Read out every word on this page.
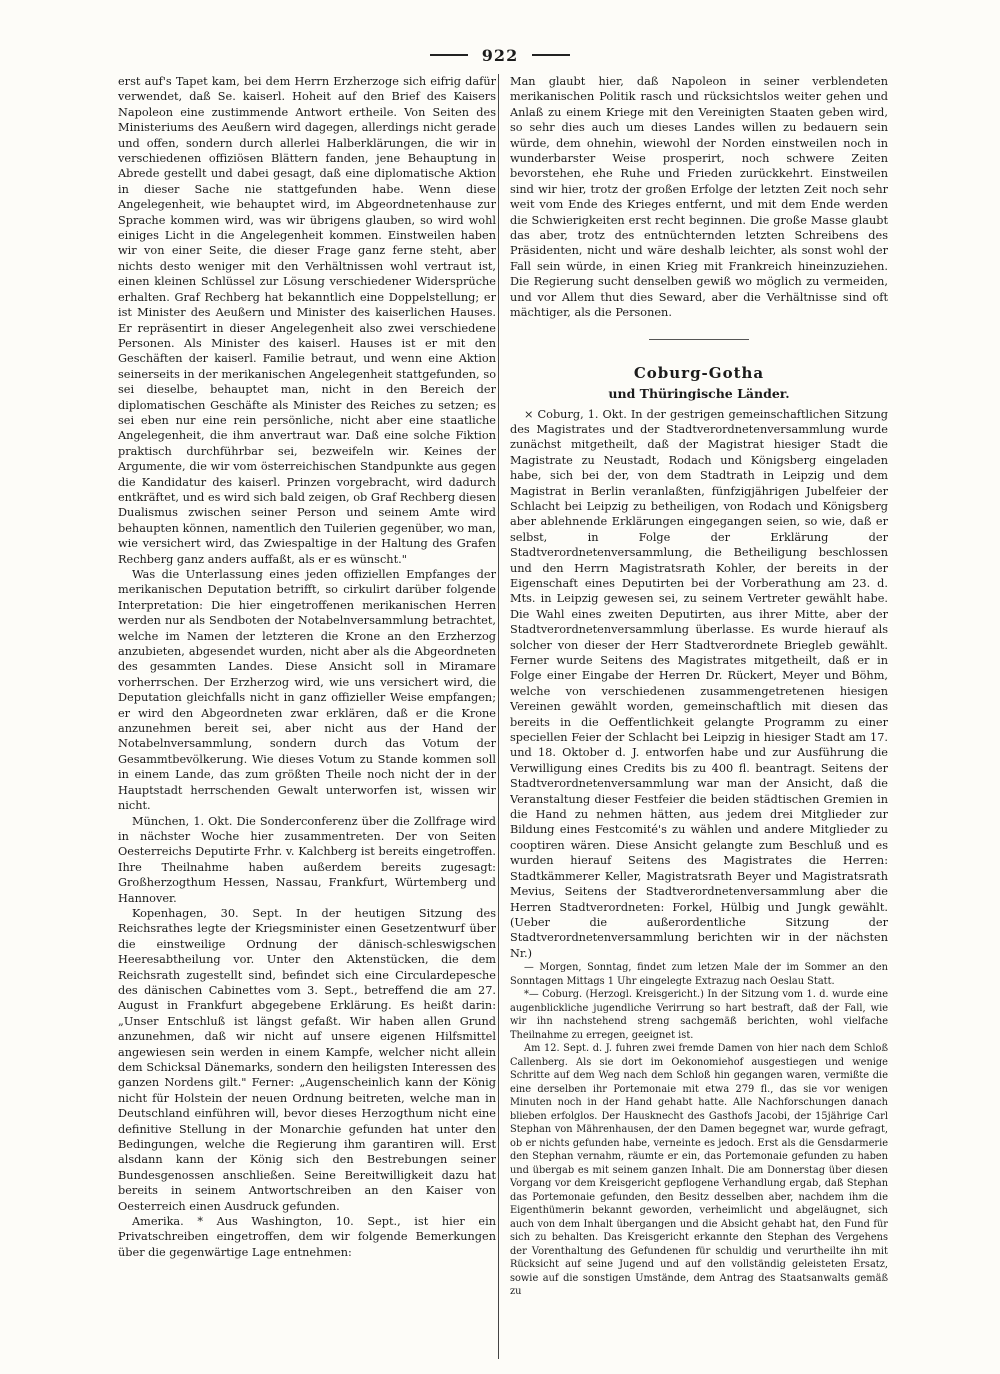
922

erst auf's Tapet kam, bei dem Herrn Erzherzoge sich eifrig dafür verwendet, daß Se. kaiserl. Hoheit auf den Brief des Kaisers Napoleon eine zustimmende Antwort ertheile. Von Seiten des Ministeriums des Aeußern wird dagegen, allerdings nicht gerade und offen, sondern durch allerlei Halberklärungen, die wir in verschiedenen offiziösen Blättern fanden, jene Behauptung in Abrede gestellt und dabei gesagt, daß eine diplomatische Aktion in dieser Sache nie stattgefunden habe. Wenn diese Angelegenheit, wie behauptet wird, im Abgeordnetenhause zur Sprache kommen wird, was wir übrigens glauben, so wird wohl einiges Licht in die Angelegenheit kommen. Einstweilen haben wir von einer Seite, die dieser Frage ganz ferne steht, aber nichts desto weniger mit den Verhältnissen wohl vertraut ist, einen kleinen Schlüssel zur Lösung verschiedener Widersprüche erhalten. Graf Rechberg hat bekanntlich eine Doppelstellung; er ist Minister des Aeußern und Minister des kaiserlichen Hauses. Er repräsentirt in dieser Angelegenheit also zwei verschiedene Personen. Als Minister des kaiserl. Hauses ist er mit den Geschäften der kaiserl. Familie betraut, und wenn eine Aktion seinerseits in der merikanischen Angelegenheit stattgefunden, so sei dieselbe, behauptet man, nicht in den Bereich der diplomatischen Geschäfte als Minister des Reiches zu setzen; es sei eben nur eine rein persönliche, nicht aber eine staatliche Angelegenheit, die ihm anvertraut war. Daß eine solche Fiktion praktisch durchführbar sei, bezweifeln wir. Keines der Argumente, die wir vom österreichischen Standpunkte aus gegen die Kandidatur des kaiserl. Prinzen vorgebracht, wird dadurch entkräftet, und es wird sich bald zeigen, ob Graf Rechberg diesen Dualismus zwischen seiner Person und seinem Amte wird behaupten können, namentlich den Tuilerien gegenüber, wo man, wie versichert wird, das Zwiespaltige in der Haltung des Grafen Rechberg ganz anders auffaßt, als er es wünscht."

Was die Unterlassung eines jeden offiziellen Empfanges der merikanischen Deputation betrifft, so cirkulirt darüber folgende Interpretation: Die hier eingetroffenen merikanischen Herren werden nur als Sendboten der Notabelnversammlung betrachtet, welche im Namen der letzteren die Krone an den Erzherzog anzubieten, abgesendet wurden, nicht aber als die Abgeordneten des gesammten Landes. Diese Ansicht soll in Miramare vorherrschen. Der Erzherzog wird, wie uns versichert wird, die Deputation gleichfalls nicht in ganz offizieller Weise empfangen; er wird den Abgeordneten zwar erklären, daß er die Krone anzunehmen bereit sei, aber nicht aus der Hand der Notabelnversammlung, sondern durch das Votum der Gesammtbevölkerung. Wie dieses Votum zu Stande kommen soll in einem Lande, das zum größten Theile noch nicht der in der Hauptstadt herrschenden Gewalt unterworfen ist, wissen wir nicht.

München, 1. Okt. Die Sonderconferenz über die Zollfrage wird in nächster Woche hier zusammentreten. Der von Seiten Oesterreichs Deputirte Frhr. v. Kalchberg ist bereits eingetroffen. Ihre Theilnahme haben außerdem bereits zugesagt: Großherzogthum Hessen, Nassau, Frankfurt, Würtemberg und Hannover.

Kopenhagen, 30. Sept. In der heutigen Sitzung des Reichsrathes legte der Kriegsminister einen Gesetzentwurf über die einstweilige Ordnung der dänisch-schleswigschen Heeresabtheilung vor. Unter den Aktenstücken, die dem Reichsrath zugestellt sind, befindet sich eine Circulardepesche des dänischen Cabinettes vom 3. Sept., betreffend die am 27. August in Frankfurt abgegebene Erklärung. Es heißt darin: „Unser Entschluß ist längst gefaßt. Wir haben allen Grund anzunehmen, daß wir nicht auf unsere eigenen Hilfsmittel angewiesen sein werden in einem Kampfe, welcher nicht allein dem Schicksal Dänemarks, sondern den heiligsten Interessen des ganzen Nordens gilt." Ferner: „Augenscheinlich kann der König nicht für Holstein der neuen Ordnung beitreten, welche man in Deutschland einführen will, bevor dieses Herzogthum nicht eine definitive Stellung in der Monarchie gefunden hat unter den Bedingungen, welche die Regierung ihm garantiren will. Erst alsdann kann der König sich den Bestrebungen seiner Bundesgenossen anschließen. Seine Bereitwilligkeit dazu hat bereits in seinem Antwortschreiben an den Kaiser von Oesterreich einen Ausdruck gefunden.

Amerika. * Aus Washington, 10. Sept., ist hier ein Privatschreiben eingetroffen, dem wir folgende Bemerkungen über die gegenwärtige Lage entnehmen:

Man glaubt hier, daß Napoleon in seiner verblendeten merikanischen Politik rasch und rücksichtslos weiter gehen und Anlaß zu einem Kriege mit den Vereinigten Staaten geben wird, so sehr dies auch um dieses Landes willen zu bedauern sein würde, dem ohnehin, wiewohl der Norden einstweilen noch in wunderbarster Weise prosperirt, noch schwere Zeiten bevorstehen, ehe Ruhe und Frieden zurückkehrt. Einstweilen sind wir hier, trotz der großen Erfolge der letzten Zeit noch sehr weit vom Ende des Krieges entfernt, und mit dem Ende werden die Schwierigkeiten erst recht beginnen. Die große Masse glaubt das aber, trotz des entnüchternden letzten Schreibens des Präsidenten, nicht und wäre deshalb leichter, als sonst wohl der Fall sein würde, in einen Krieg mit Frankreich hineinzuziehen. Die Regierung sucht denselben gewiß wo möglich zu vermeiden, und vor Allem thut dies Seward, aber die Verhältnisse sind oft mächtiger, als die Personen.

Coburg-Gotha
und Thüringische Länder.

× Coburg, 1. Okt. In der gestrigen gemeinschaftlichen Sitzung des Magistrates und der Stadtverordnetenversammlung wurde zunächst mitgetheilt, daß der Magistrat hiesiger Stadt die Magistrate zu Neustadt, Rodach und Königsberg eingeladen habe, sich bei der, von dem Stadtrath in Leipzig und dem Magistrat in Berlin veranlaßten, fünfzigjährigen Jubelfeier der Schlacht bei Leipzig zu betheiligen, von Rodach und Königsberg aber ablehnende Erklärungen eingegangen seien, so wie, daß er selbst, in Folge der Erklärung der Stadtverordnetenversammlung, die Betheiligung beschlossen und den Herrn Magistratsrath Kohler, der bereits in der Eigenschaft eines Deputirten bei der Vorberathung am 23. d. Mts. in Leipzig gewesen sei, zu seinem Vertreter gewählt habe. Die Wahl eines zweiten Deputirten, aus ihrer Mitte, aber der Stadtverordnetenversammlung überlasse. Es wurde hierauf als solcher von dieser der Herr Stadtverordnete Briegleb gewählt. Ferner wurde Seitens des Magistrates mitgetheilt, daß er in Folge einer Eingabe der Herren Dr. Rückert, Meyer und Böhm, welche von verschiedenen zusammengetretenen hiesigen Vereinen gewählt worden, gemeinschaftlich mit diesen das bereits in die Oeffentlichkeit gelangte Programm zu einer speciellen Feier der Schlacht bei Leipzig in hiesiger Stadt am 17. und 18. Oktober d. J. entworfen habe und zur Ausführung die Verwilligung eines Credits bis zu 400 fl. beantragt. Seitens der Stadtverordnetenversammlung war man der Ansicht, daß die Veranstaltung dieser Festfeier die beiden städtischen Gremien in die Hand zu nehmen hätten, aus jedem drei Mitglieder zur Bildung eines Festcomité's zu wählen und andere Mitglieder zu cooptiren wären. Diese Ansicht gelangte zum Beschluß und es wurden hierauf Seitens des Magistrates die Herren: Stadtkämmerer Keller, Magistratsrath Beyer und Magistratsrath Mevius, Seitens der Stadtverordnetenversammlung aber die Herren Stadtverordneten: Forkel, Hülbig und Jungk gewählt. (Ueber die außerordentliche Sitzung der Stadtverordnetenversammlung berichten wir in der nächsten Nr.)

— Morgen, Sonntag, findet zum letzen Male der im Sommer an den Sonntagen Mittags 1 Uhr eingelegte Extrazug nach Oeslau Statt.

*— Coburg. (Herzogl. Kreisgericht.) In der Sitzung vom 1. d. wurde eine augenblickliche jugendliche Verirrung so hart bestraft, daß der Fall, wie wir ihn nachstehend streng sachgemäß berichten, wohl vielfache Theilnahme zu erregen, geeignet ist.

Am 12. Sept. d. J. fuhren zwei fremde Damen von hier nach dem Schloß Callenberg. Als sie dort im Oekonomiehof ausgestiegen und wenige Schritte auf dem Weg nach dem Schloß hin gegangen waren, vermißte die eine derselben ihr Portemonaie mit etwa 279 fl., das sie vor wenigen Minuten noch in der Hand gehabt hatte. Alle Nachforschungen danach blieben erfolglos. Der Hausknecht des Gasthofs Jacobi, der 15jährige Carl Stephan von Mährenhausen, der den Damen begegnet war, wurde gefragt, ob er nichts gefunden habe, verneinte es jedoch. Erst als die Gensdarmerie den Stephan vernahm, räumte er ein, das Portemonaie gefunden zu haben und übergab es mit seinem ganzen Inhalt. Die am Donnerstag über diesen Vorgang vor dem Kreisgericht gepflogene Verhandlung ergab, daß Stephan das Portemonaie gefunden, den Besitz desselben aber, nachdem ihm die Eigenthümerin bekannt geworden, verheimlicht und abgeläugnet, sich auch von dem Inhalt übergangen und die Absicht gehabt hat, den Fund für sich zu behalten. Das Kreisgericht erkannte den Stephan des Vergehens der Vorenthaltung des Gefundenen für schuldig und verurtheilte ihn mit Rücksicht auf seine Jugend und auf den vollständig geleisteten Ersatz, sowie auf die sonstigen Umstände, dem Antrag des Staatsanwalts gemäß zu
